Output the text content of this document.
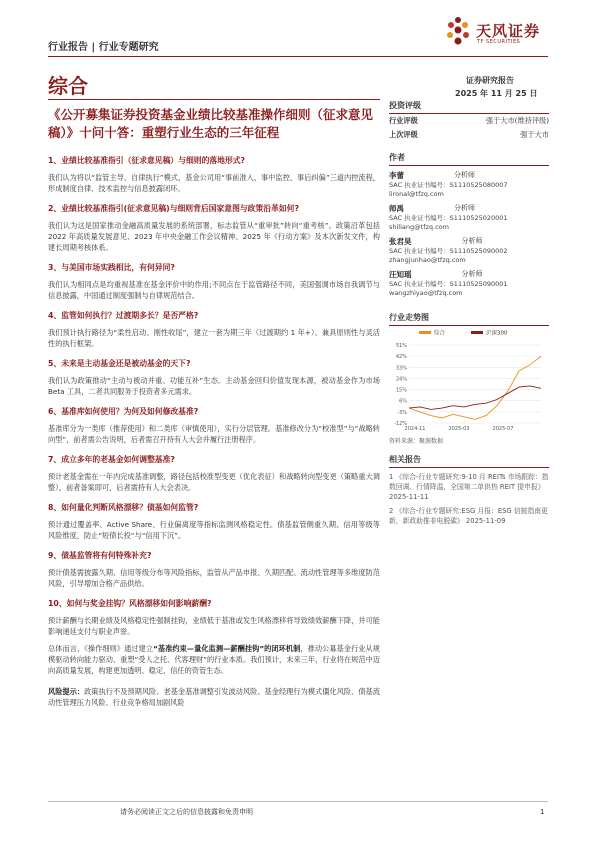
天风证券
TF SECURITIES
行业报告 | 行业专题研究
综合	证券研究报告
2025 年 11 月 25 日
《公开募集证券投资基金业绩比较基准操作细则（征求意见稿）》十问十答：重塑行业生态的三年征程
1、业绩比较基准指引（征求意见稿）与细则的落地形式?
我们认为将以“监管主导、自律执行”模式，基金公司用“事前准入、事中监控、事后纠偏”三道内控流程，形成制度自律、技术监控与信息披露闭环。
2、业绩比较基准指引(征求意见稿)与细则背后国家意图与政策沿革如何?
我们认为这是国家推动金融高质量发展的系统部署，标志监管从“重审批”转向“重考核”。政策沿革包括 2022 年高质量发展意见、2023 年中央金融工作会议精神、2025 年《行动方案》及本次新发文件，构建长周期考核体系。
3、与美国市场实践相比，有何异同?
我们认为相同点是均重视基准在基金评价中的作用;不同点在于监管路径不同，美国强调市场自我调节与信息披露，中国通过制度强制与自律规范结合。
4、监管如何执行？过渡期多长？是否严格?
我们预计执行路径为“柔性启动、刚性收尾”，建立一套为期三年（过渡期约 1 年+）、兼具原则性与灵活性的执行框架。
5、未来是主动基金还是被动基金的天下?
我们认为政策推动“主动与被动并重、功能互补”生态。主动基金回归价值发现本源，被动基金作为市场 Beta 工具，二者共同服务于投资者多元需求。
6、基准库如何使用？为何及如何修改基准?
基准库分为一类库（推荐使用）和二类库（审慎使用），实行分层管理。基准修改分为“校准型”与“战略转向型”，前者需公告说明，后者需召开持有人大会并履行注册程序。
7、成立多年的老基金如何调整基准?
预计老基金需在一年内完成基准调整，路径包括校准型变更（优化表征）和战略转向型变更（策略重大调整），前者备案即可，后者需持有人大会表决。
8、如何量化判断风格漂移？债基如何监管?
预计通过覆盖率、Active Share、行业偏离度等指标监测风格稳定性。债基监管侧重久期、信用等级等风险维度，防止“短债长投”与“信用下沉”。
9、债基监管将有何特殊补充?
预计债基需披露久期、信用等级分布等风险指标，监管从产品申报、久期匹配、流动性管理等多维度防范风险，引导增加合格产品供给。
10、如何与奖金挂钩？风格漂移如何影响薪酬?
预计薪酬与长期业绩及风格稳定性强制挂钩，业绩低于基准或发生风格漂移将导致绩效薪酬下降，并可能影响递延支付与职业声誉。
总体而言，《操作细则》通过建立“基准约束—量化监测—薪酬挂钩”的闭环机制，推动公募基金行业从规模驱动转向能力驱动、重塑“受人之托、代客理财”的行业本质。我们预计，未来三年，行业将在规范中迈向高质量发展，构建更加透明、稳定、信任的资管生态。
风险提示：政策执行不及预期风险、老基金基准调整引发波动风险、基金经理行为模式僵化风险、债基流动性管理压力风险、行业竞争格局加剧风险
投资评级
行业评级	强于大市(维持评级)
上次评级	强于大市
作者
李蕾	分析师
SAC 执业证书编号：S1110525080007
lironal@tfzq.com
师禹	分析师
SAC 执业证书编号：S1110525020001
shiliang@tfzq.com
张君昊	分析师
SAC 执业证书编号：S1110525090002
zhangjunhao@tfzq.com
汪知瑶	分析师
SAC 执业证书编号：S1110525090001
wangzhiyao@tfzq.com
行业走势图
综合	沪深300
51%
42%
33%
24%
15%
6%
-3%
-12%
2024-11	2025-03	2025-07
资料来源：聚源数据
相关报告
1 《综合-行业专题研究:9-10 月 REITs 市场跟踪：指数回调、行情降温，全国第二单供热 REIT 提申报》 2025-11-11
2 《综合-行业专题研究:ESG 月报：ESG 信披指南更新，新政助推非电脱碳》 2025-11-09
请务必阅读正文之后的信息披露和免责申明	1
